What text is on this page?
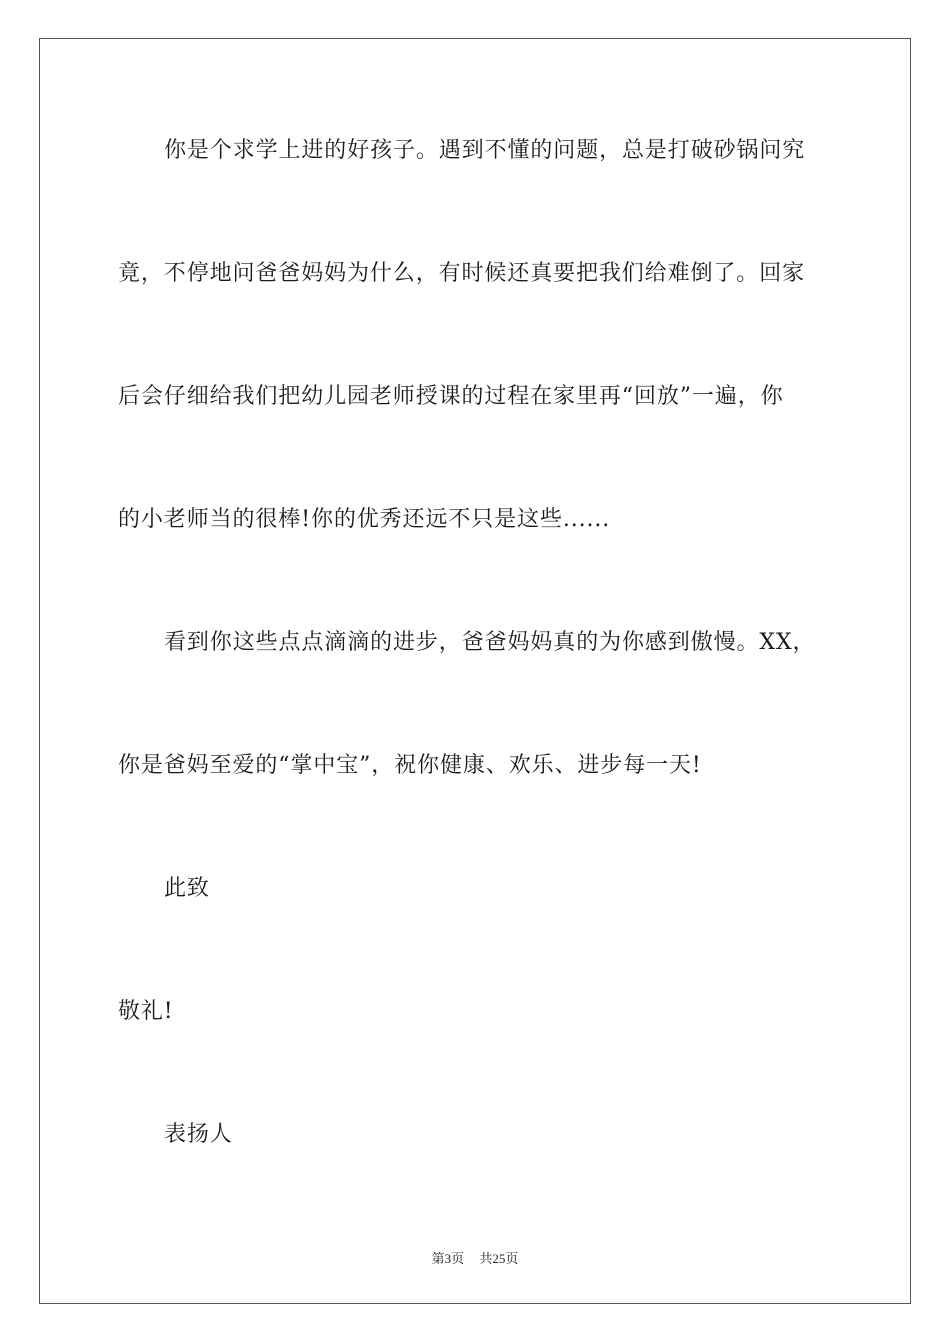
你是个求学上进的好孩子。遇到不懂的问题，总是打破砂锅问究
竟，不停地问爸爸妈妈为什么，有时候还真要把我们给难倒了。回家
后会仔细给我们把幼儿园老师授课的过程在家里再“回放”一遍，你
的小老师当的很棒!你的优秀还远不只是这些......
看到你这些点点滴滴的进步，爸爸妈妈真的为你感到傲慢。XX，
你是爸妈至爱的“掌中宝”，祝你健康、欢乐、进步每一天!
此致
敬礼!
表扬人
第3页 共25页
